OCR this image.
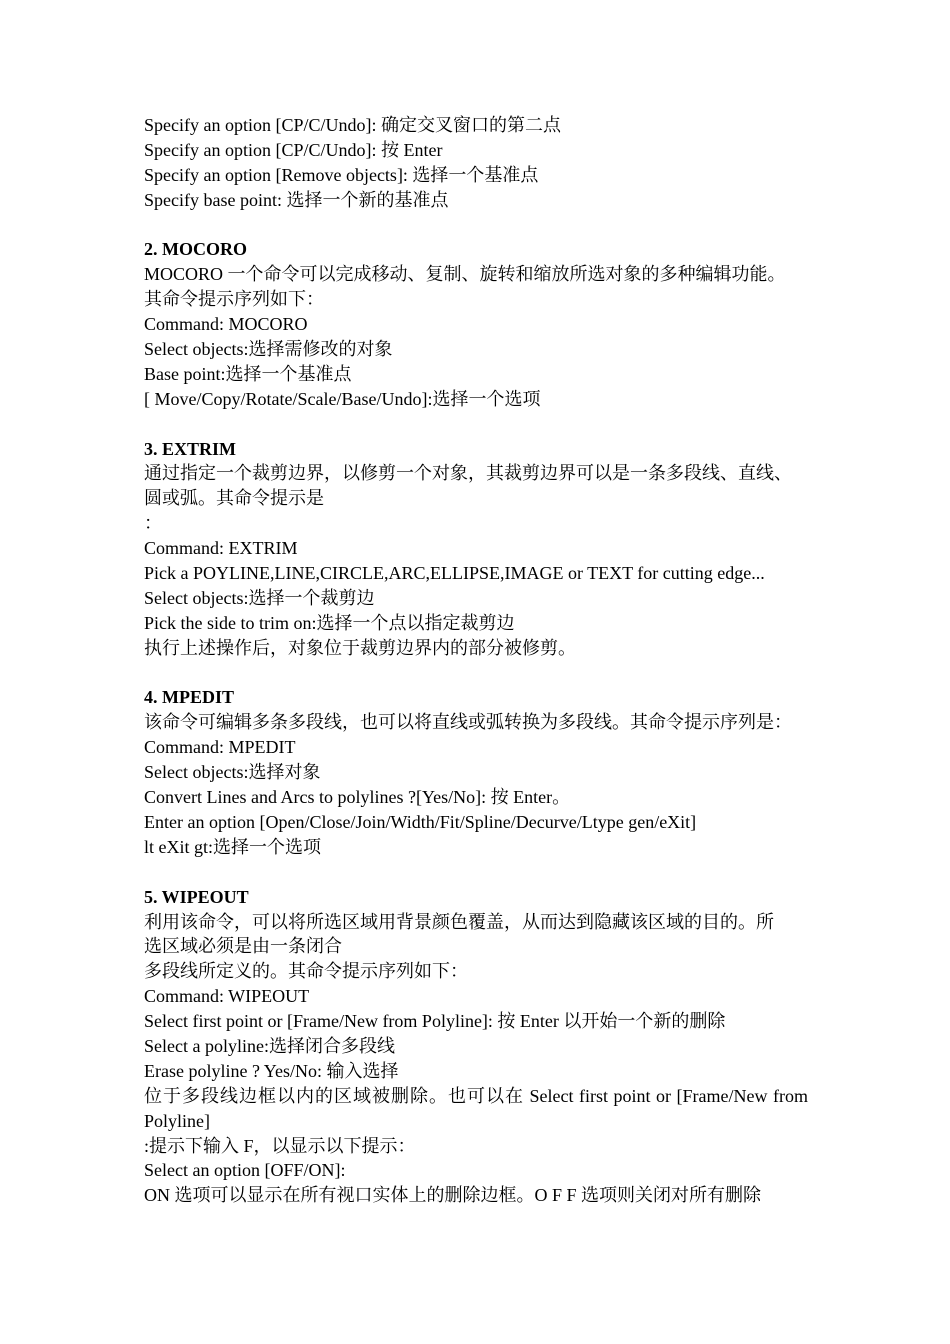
Specify an option [CP/C/Undo]: 确定交叉窗口的第二点
Specify an option [CP/C/Undo]: 按 Enter
Specify an option [Remove objects]: 选择一个基准点
Specify base point: 选择一个新的基准点
2. MOCORO
MOCORO 一个命令可以完成移动、复制、旋转和缩放所选对象的多种编辑功能。
其命令提示序列如下：
Command: MOCORO
Select objects:选择需修改的对象
Base point:选择一个基准点
[ Move/Copy/Rotate/Scale/Base/Undo]:选择一个选项
3. EXTRIM
通过指定一个裁剪边界，以修剪一个对象，其裁剪边界可以是一条多段线、直线、
圆或弧。其命令提示是
：
Command: EXTRIM
Pick a POYLINE,LINE,CIRCLE,ARC,ELLIPSE,IMAGE or TEXT for cutting edge...
Select objects:选择一个裁剪边
Pick the side to trim on:选择一个点以指定裁剪边
执行上述操作后，对象位于裁剪边界内的部分被修剪。
4. MPEDIT
该命令可编辑多条多段线，也可以将直线或弧转换为多段线。其命令提示序列是：
Command: MPEDIT
Select objects:选择对象
Convert Lines and Arcs to polylines ?[Yes/No]: 按 Enter。
Enter an option [Open/Close/Join/Width/Fit/Spline/Decurve/Ltype gen/eXit]
lt eXit gt:选择一个选项
5. WIPEOUT
利用该命令，可以将所选区域用背景颜色覆盖，从而达到隐藏该区域的目的。所
选区域必须是由一条闭合
多段线所定义的。其命令提示序列如下：
Command: WIPEOUT
Select first point or [Frame/New from Polyline]: 按 Enter 以开始一个新的删除
Select a polyline:选择闭合多段线
Erase polyline ? Yes/No: 输入选择
位于多段线边框以内的区域被删除。也可以在 Select first point or [Frame/New from Polyline]
:提示下输入 F，以显示以下提示：
Select an option [OFF/ON]:
ON 选项可以显示在所有视口实体上的删除边框。O F F 选项则关闭对所有删除
